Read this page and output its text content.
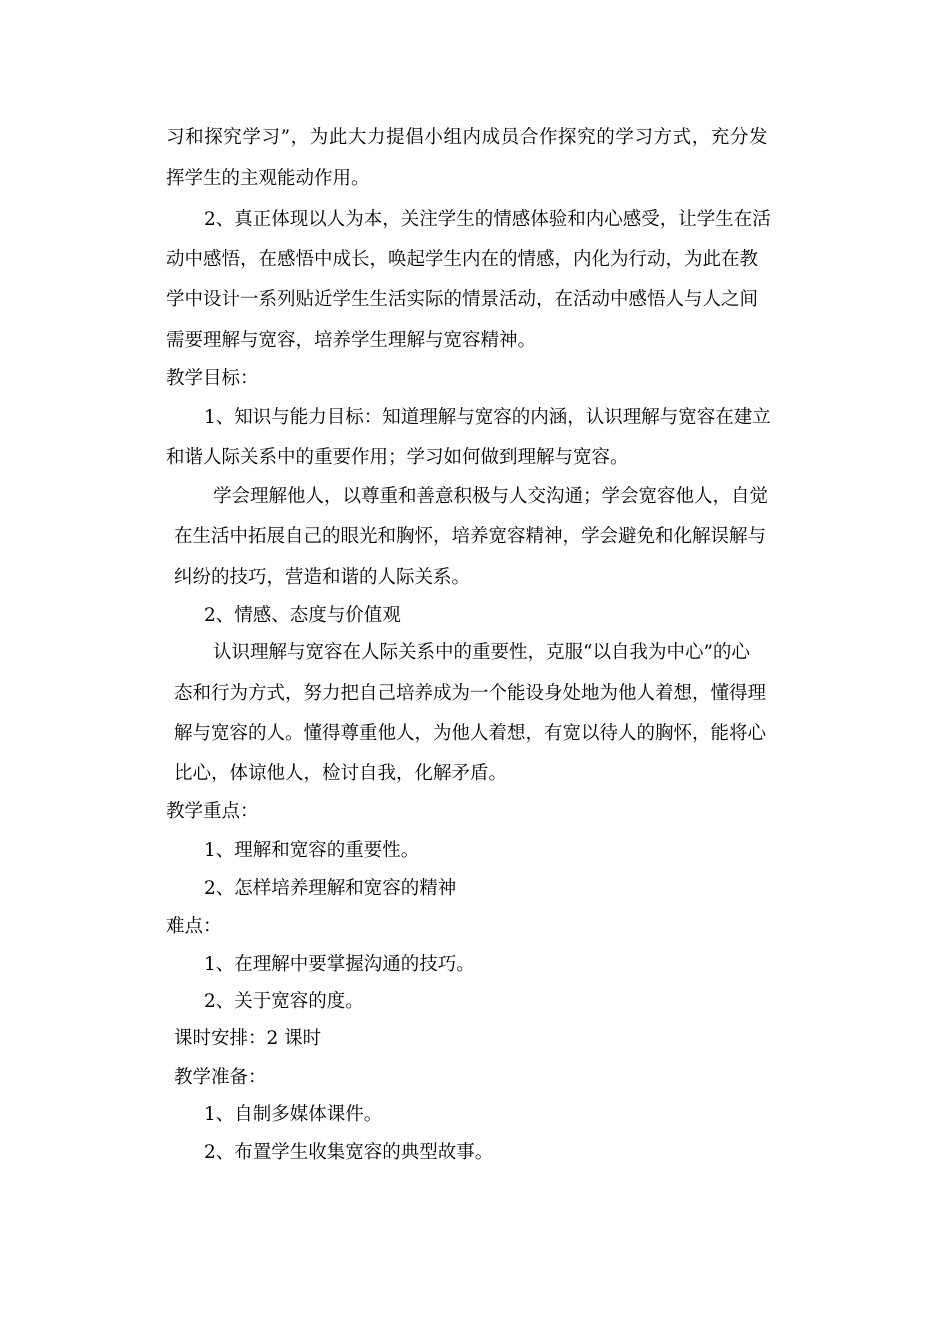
习和探究学习”，为此大力提倡小组内成员合作探究的学习方式，充分发
挥学生的主观能动作用。
2、真正体现以人为本，关注学生的情感体验和内心感受，让学生在活
动中感悟，在感悟中成长，唤起学生内在的情感，内化为行动，为此在教
学中设计一系列贴近学生生活实际的情景活动，在活动中感悟人与人之间
需要理解与宽容，培养学生理解与宽容精神。
教学目标：
1、知识与能力目标：知道理解与宽容的内涵，认识理解与宽容在建立
和谐人际关系中的重要作用；学习如何做到理解与宽容。
学会理解他人，以尊重和善意积极与人交沟通；学会宽容他人，自觉
在生活中拓展自己的眼光和胸怀，培养宽容精神，学会避免和化解误解与
纠纷的技巧，营造和谐的人际关系。
2、情感、态度与价值观
认识理解与宽容在人际关系中的重要性，克服“以自我为中心”的心
态和行为方式，努力把自己培养成为一个能设身处地为他人着想，懂得理
解与宽容的人。懂得尊重他人，为他人着想，有宽以待人的胸怀，能将心
比心，体谅他人，检讨自我，化解矛盾。
教学重点：
1、理解和宽容的重要性。
2、怎样培养理解和宽容的精神
难点：
1、在理解中要掌握沟通的技巧。
2、关于宽容的度。
课时安排：2 课时
教学准备：
1、自制多媒体课件。
2、布置学生收集宽容的典型故事。
